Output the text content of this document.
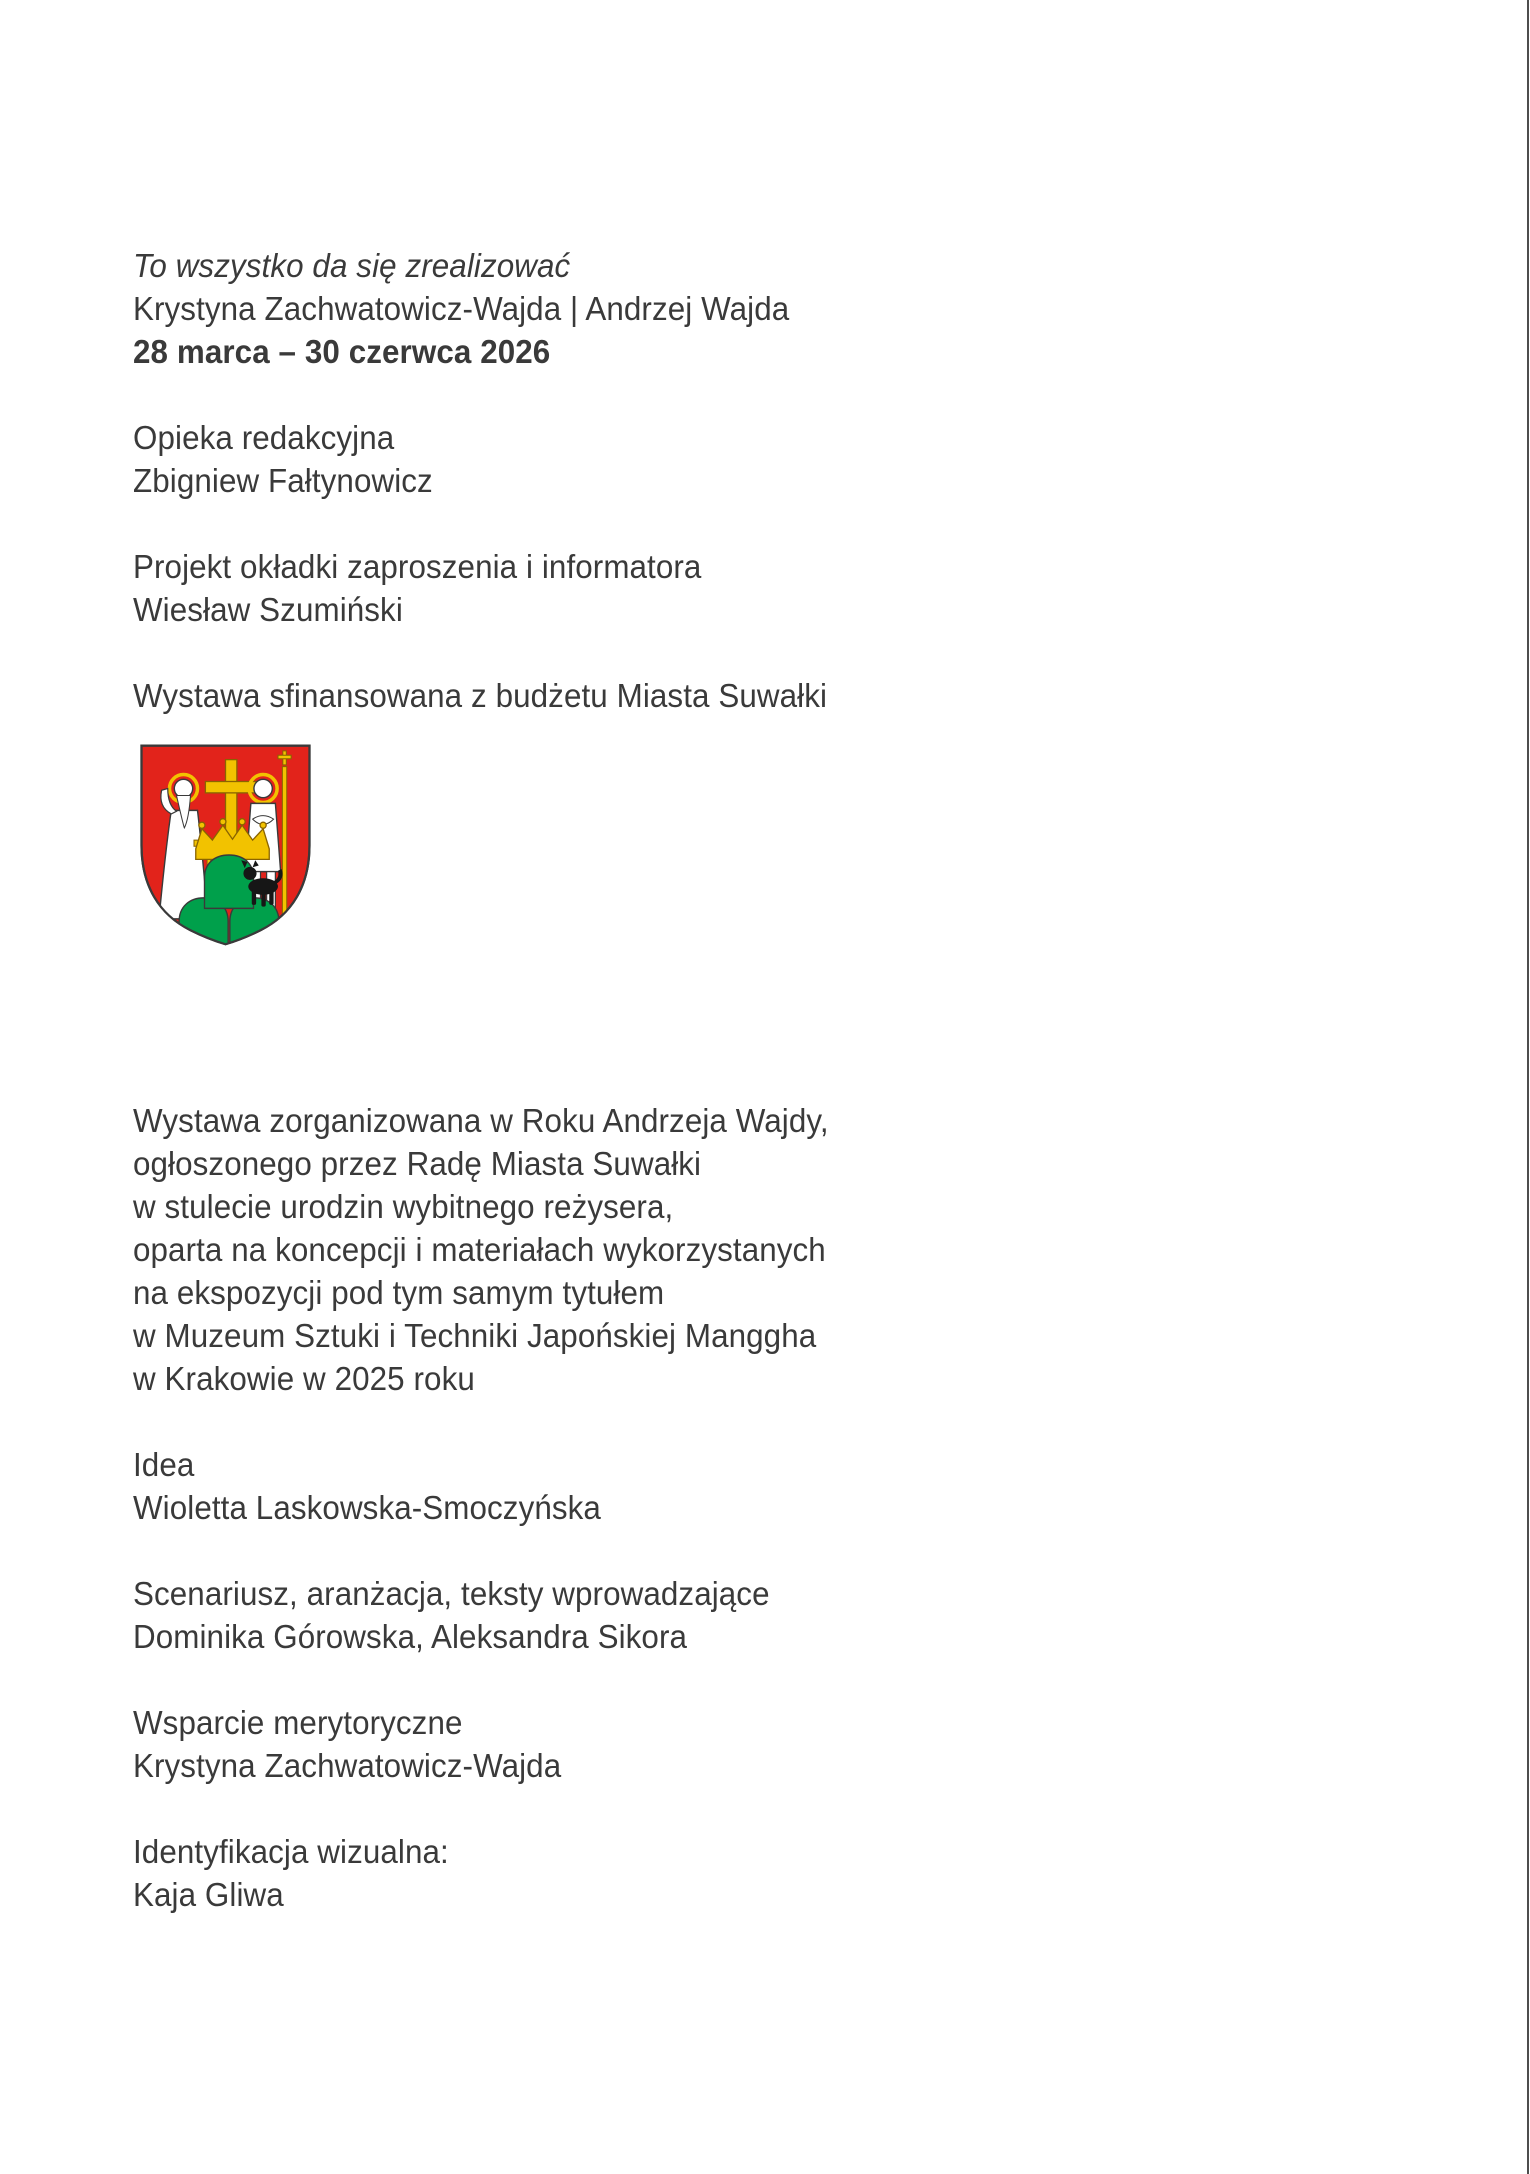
To wszystko da się zrealizować

Krystyna Zachwatowicz-Wajda | Andrzej Wajda

28 marca – 30 czerwca 2026

Opieka redakcyjna

Zbigniew Fałtynowicz

Projekt okładki zaproszenia i informatora

Wiesław Szumiński

Wystawa sfinansowana z budżetu Miasta Suwałki

Wystawa zorganizowana w Roku Andrzeja Wajdy,

ogłoszonego przez Radę Miasta Suwałki

w stulecie urodzin wybitnego reżysera,

oparta na koncepcji i materiałach wykorzystanych

na ekspozycji pod tym samym tytułem

w Muzeum Sztuki i Techniki Japońskiej Manggha

w Krakowie w 2025 roku

Idea

Wioletta Laskowska-Smoczyńska

Scenariusz, aranżacja, teksty wprowadzające

Dominika Górowska, Aleksandra Sikora

Wsparcie merytoryczne

Krystyna Zachwatowicz-Wajda

Identyfikacja wizualna:

Kaja Gliwa
